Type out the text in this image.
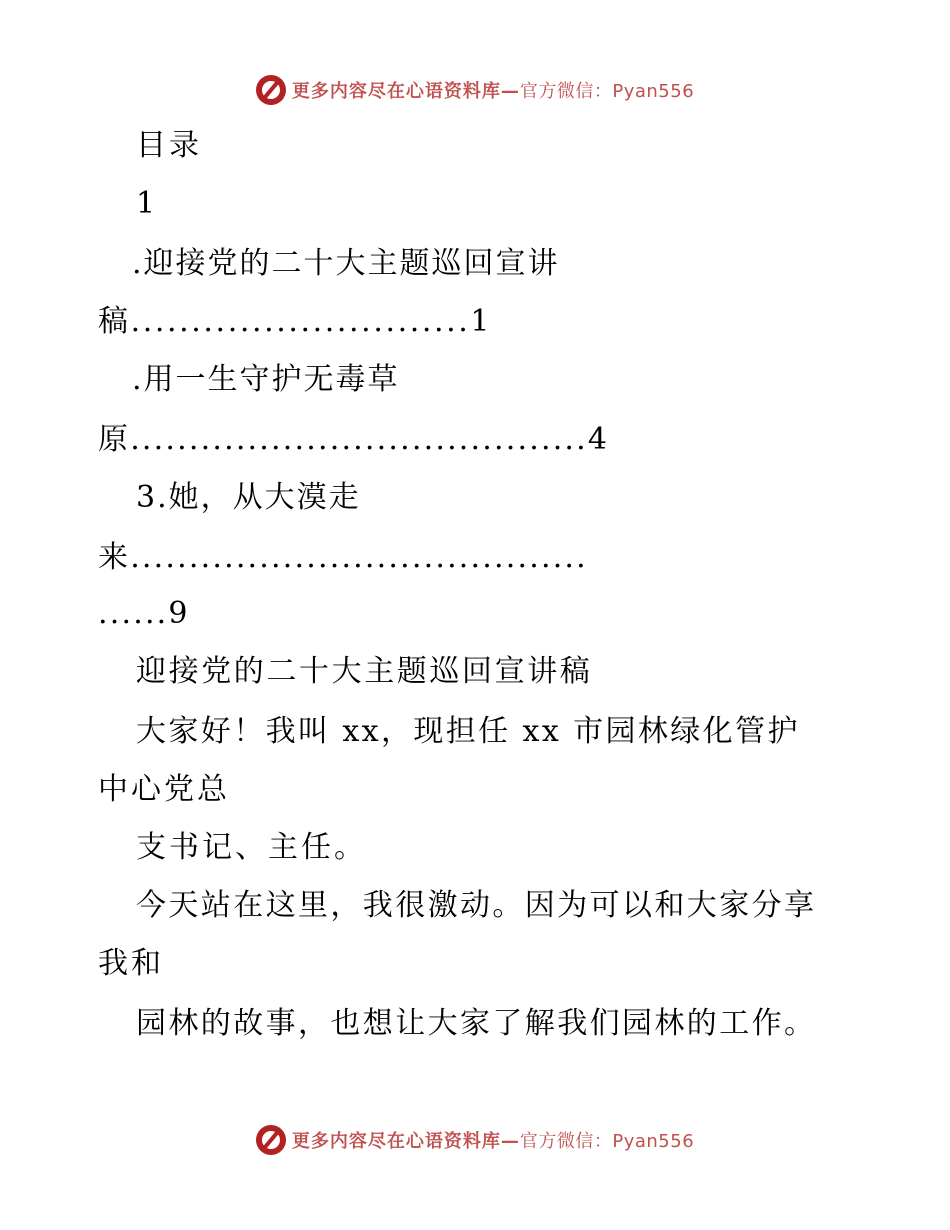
更多内容尽在心语资料库— 官方微信：Pyan556
目录
1
.迎接党的二十大主题巡回宣讲
稿............................1
.用一生守护无毒草
原.......................................4
3.她，从大漠走
来.......................................
......9
迎接党的二十大主题巡回宣讲稿
大家好！我叫 xx，现担任 xx 市园林绿化管护
中心党总
支书记、主任。
今天站在这里，我很激动。因为可以和大家分享
我和
园林的故事，也想让大家了解我们园林的工作。
更多内容尽在心语资料库— 官方微信：Pyan556
